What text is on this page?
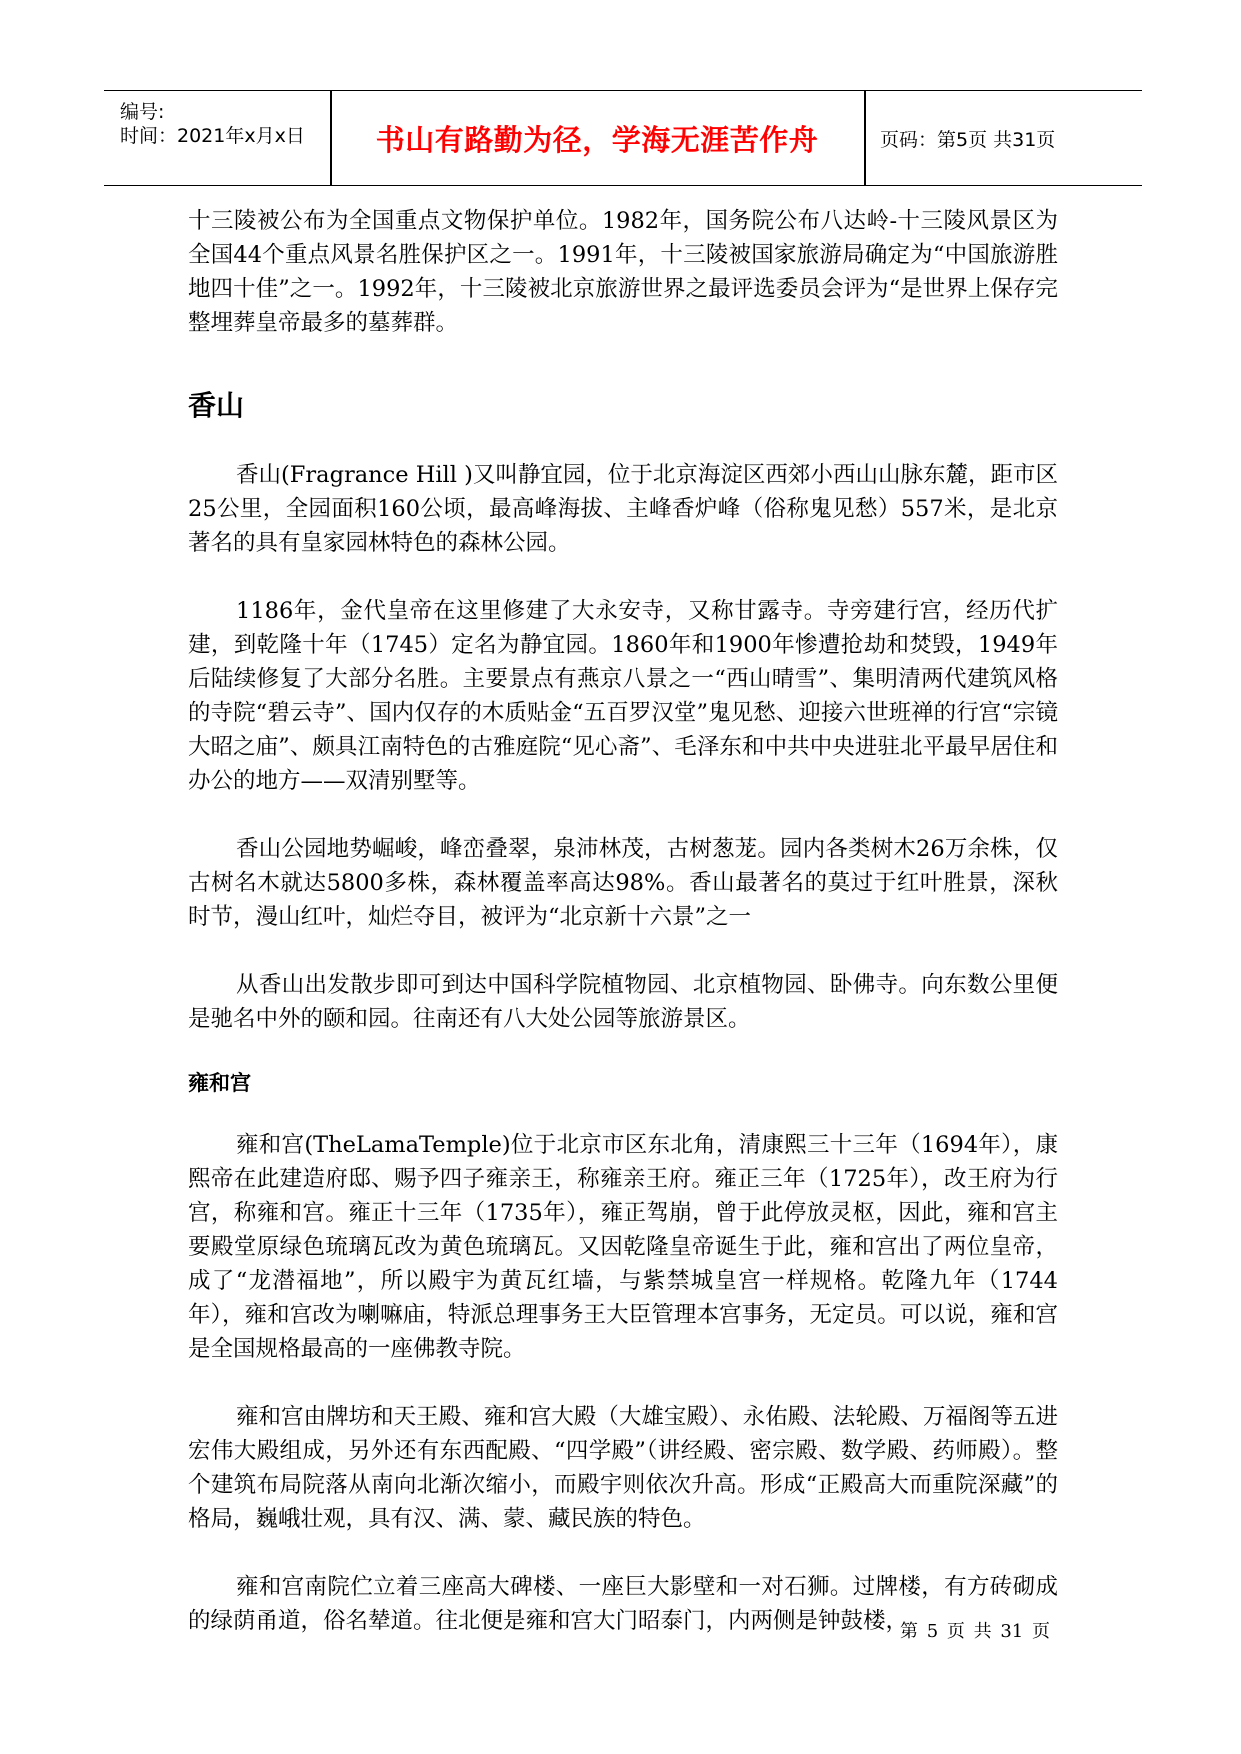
编号:
时间：2021年x月x日	书山有路勤为径，学海无涯苦作舟	页码：第5页 共31页

十三陵被公布为全国重点文物保护单位。1982年，国务院公布八达岭-十三陵风景区为全国44个重点风景名胜保护区之一。1991年，十三陵被国家旅游局确定为“中国旅游胜地四十佳”之一。1992年，十三陵被北京旅游世界之最评选委员会评为“是世界上保存完整埋葬皇帝最多的墓葬群。

香山

香山(Fragrance Hill )又叫静宜园，位于北京海淀区西郊小西山山脉东麓，距市区25公里，全园面积160公顷，最高峰海拔、主峰香炉峰（俗称鬼见愁）557米，是北京著名的具有皇家园林特色的森林公园。

1186年，金代皇帝在这里修建了大永安寺，又称甘露寺。寺旁建行宫，经历代扩建，到乾隆十年（1745）定名为静宜园。1860年和1900年惨遭抢劫和焚毁，1949年后陆续修复了大部分名胜。主要景点有燕京八景之一“西山晴雪”、集明清两代建筑风格的寺院“碧云寺”、国内仅存的木质贴金“五百罗汉堂”鬼见愁、迎接六世班禅的行宫“宗镜大昭之庙”、颇具江南特色的古雅庭院“见心斋”、毛泽东和中共中央进驻北平最早居住和办公的地方——双清别墅等。

香山公园地势崛峻，峰峦叠翠，泉沛林茂，古树葱茏。园内各类树木26万余株，仅古树名木就达5800多株，森林覆盖率高达98%。香山最著名的莫过于红叶胜景，深秋时节，漫山红叶，灿烂夺目，被评为“北京新十六景”之一

从香山出发散步即可到达中国科学院植物园、北京植物园、卧佛寺。向东数公里便是驰名中外的颐和园。往南还有八大处公园等旅游景区。

雍和宫

雍和宫(TheLamaTemple)位于北京市区东北角，清康熙三十三年（1694年），康熙帝在此建造府邸、赐予四子雍亲王，称雍亲王府。雍正三年（1725年），改王府为行宫，称雍和宫。雍正十三年（1735年），雍正驾崩，曾于此停放灵枢，因此，雍和宫主要殿堂原绿色琉璃瓦改为黄色琉璃瓦。又因乾隆皇帝诞生于此，雍和宫出了两位皇帝，成了“龙潜福地”，所以殿宇为黄瓦红墙，与紫禁城皇宫一样规格。乾隆九年（1744年），雍和宫改为喇嘛庙，特派总理事务王大臣管理本宫事务，无定员。可以说，雍和宫是全国规格最高的一座佛教寺院。

雍和宫由牌坊和天王殿、雍和宫大殿（大雄宝殿）、永佑殿、法轮殿、万福阁等五进宏伟大殿组成，另外还有东西配殿、“四学殿”（讲经殿、密宗殿、数学殿、药师殿）。整个建筑布局院落从南向北渐次缩小，而殿宇则依次升高。形成“正殿高大而重院深藏”的格局，巍峨壮观，具有汉、满、蒙、藏民族的特色。

雍和宫南院伫立着三座高大碑楼、一座巨大影壁和一对石狮。过牌楼，有方砖砌成的绿荫甬道，俗名辇道。往北便是雍和宫大门昭泰门，内两侧是钟鼓楼，

第 5 页 共 31 页
